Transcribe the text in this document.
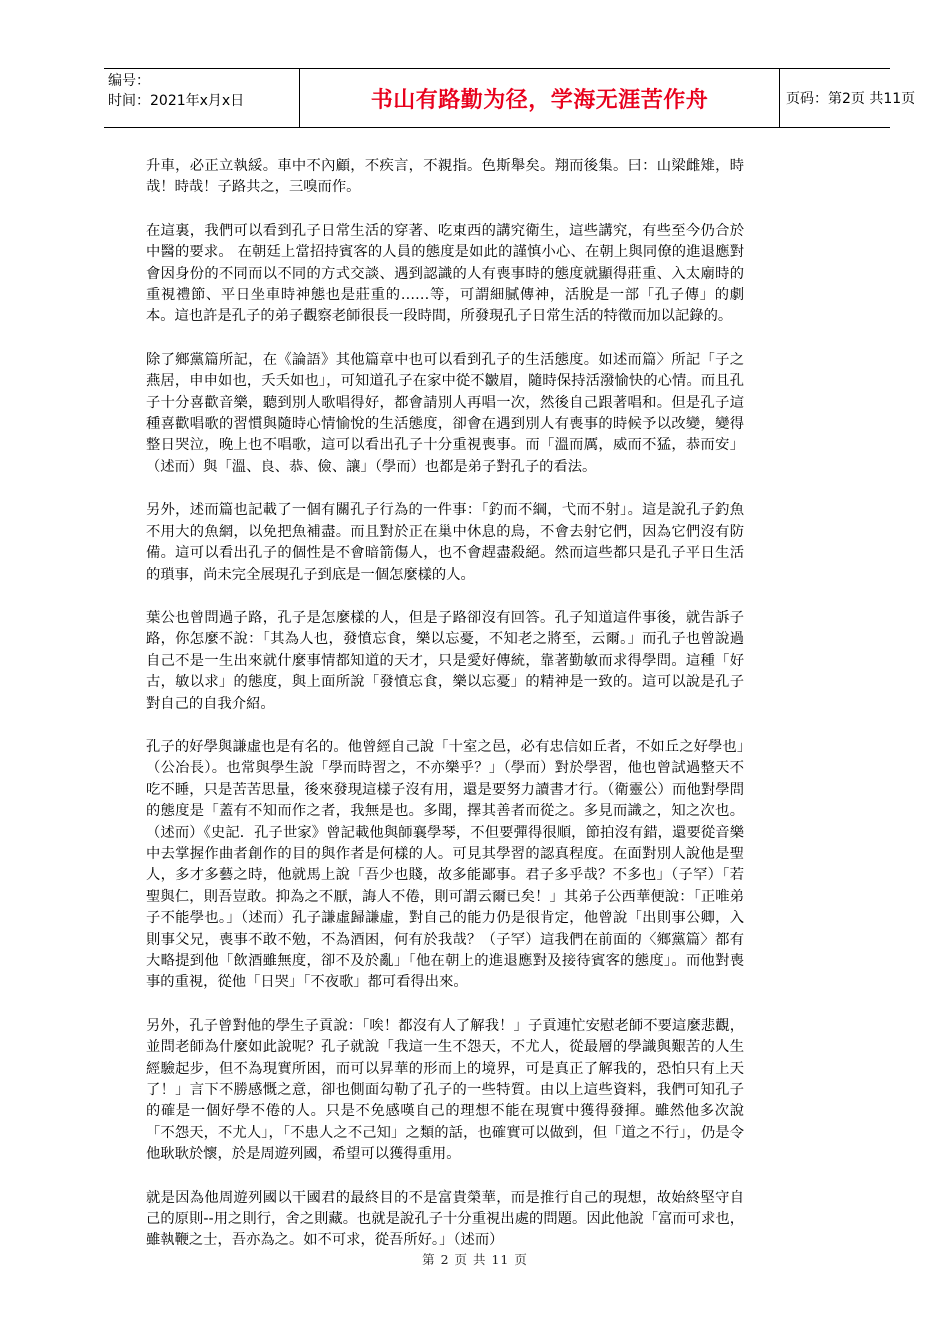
编号：
时间：2021年x月x日	书山有路勤为径，学海无涯苦作舟	页码：第2页 共11页

升車，必正立執綏。車中不內顧，不疾言，不親指。色斯舉矣。翔而後集。曰：山梁雌雉，時哉！時哉！子路共之，三嗅而作。

在這裏，我們可以看到孔子日常生活的穿著、吃東西的講究衛生，這些講究，有些至今仍合於中醫的要求。 在朝廷上當招持賓客的人員的態度是如此的謹慎小心、在朝上與同僚的進退應對會因身份的不同而以不同的方式交談、遇到認識的人有喪事時的態度就顯得莊重、入太廟時的重視禮節、平日坐車時神態也是莊重的……等，可謂細膩傳神，活脫是一部「孔子傳」的劇本。這也許是孔子的弟子觀察老師很長一段時間，所發現孔子日常生活的特徵而加以記錄的。

除了鄉黨篇所記，在《論語》其他篇章中也可以看到孔子的生活態度。如述而篇〉所記「子之燕居，申申如也，夭夭如也」，可知道孔子在家中從不皺眉，隨時保持活潑愉快的心情。而且孔子十分喜歡音樂，聽到別人歌唱得好，都會請別人再唱一次，然後自己跟著唱和。但是孔子這種喜歡唱歌的習慣與隨時心情愉悅的生活態度，卻會在遇到別人有喪事的時候予以改變，變得整日哭泣，晚上也不唱歌，這可以看出孔子十分重視喪事。而「溫而厲，威而不猛，恭而安」（述而）與「溫、良、恭、儉、讓」（學而）也都是弟子對孔子的看法。

另外，述而篇也記載了一個有關孔子行為的一件事：「釣而不綱，弋而不射」。這是說孔子釣魚不用大的魚網，以免把魚補盡。而且對於正在巢中休息的鳥，不會去射它們，因為它們沒有防備。這可以看出孔子的個性是不會暗箭傷人，也不會趕盡殺絕。然而這些都只是孔子平日生活的瑣事，尚未完全展現孔子到底是一個怎麼樣的人。

葉公也曾問過子路，孔子是怎麼樣的人，但是子路卻沒有回答。孔子知道這件事後，就告訴子路，你怎麼不說：「其為人也，發憤忘食，樂以忘憂，不知老之將至，云爾。」而孔子也曾說過自己不是一生出來就什麼事情都知道的天才，只是愛好傳統，靠著勤敏而求得學問。這種「好古，敏以求」的態度，與上面所說「發憤忘食，樂以忘憂」的精神是一致的。這可以說是孔子對自己的自我介紹。

孔子的好學與謙虛也是有名的。他曾經自己說「十室之邑，必有忠信如丘者，不如丘之好學也」（公冶長）。也常與學生說「學而時習之，不亦樂乎？」（學而）對於學習，他也曾試過整天不吃不睡，只是苦苦思量，後來發現這樣子沒有用，還是要努力讀書才行。（衛靈公）而他對學問的態度是「蓋有不知而作之者，我無是也。多聞，擇其善者而從之。多見而識之，知之次也。（述而）《史記．孔子世家》曾記載他與師襄學琴，不但要彈得很順，節拍沒有錯，還要從音樂中去掌握作曲者創作的目的與作者是何樣的人。可見其學習的認真程度。在面對別人說他是聖人，多才多藝之時，他就馬上說「吾少也賤，故多能鄙事。君子多乎哉？不多也」（子罕）「若聖與仁，則吾豈敢。抑為之不厭，誨人不倦，則可謂云爾已矣！」其弟子公西華便說：「正唯弟子不能學也。」（述而）孔子謙虛歸謙虛，對自己的能力仍是很肯定，他曾說「出則事公卿，入則事父兄，喪事不敢不勉，不為酒困，何有於我哉？（子罕）這我們在前面的〈鄉黨篇〉都有大略提到他「飲酒雖無度，卻不及於亂」「他在朝上的進退應對及接待賓客的態度」。而他對喪事的重視，從他「日哭」「不夜歌」都可看得出來。

另外，孔子曾對他的學生子貢說：「唉！都沒有人了解我！」子貢連忙安慰老師不要這麼悲觀，並問老師為什麼如此說呢？孔子就說「我這一生不怨天，不尤人，從最層的學識與艱苦的人生經驗起步，但不為現實所困，而可以昇華的形而上的境界，可是真正了解我的，恐怕只有上天了！」言下不勝感慨之意，卻也側面勾勒了孔子的一些特質。由以上這些資料，我們可知孔子的確是一個好學不倦的人。只是不免感嘆自己的理想不能在現實中獲得發揮。雖然他多次說「不怨天，不尤人」，「不患人之不己知」之類的話，也確實可以做到，但「道之不行」，仍是令他耿耿於懷，於是周遊列國，希望可以獲得重用。

就是因為他周遊列國以干國君的最終目的不是富貴榮華，而是推行自己的現想，故始終堅守自己的原則--用之則行，舍之則藏。也就是說孔子十分重視出處的問題。因此他說「富而可求也，雖執鞭之士，吾亦為之。如不可求，從吾所好。」（述而）

第 2 页 共 11 页
